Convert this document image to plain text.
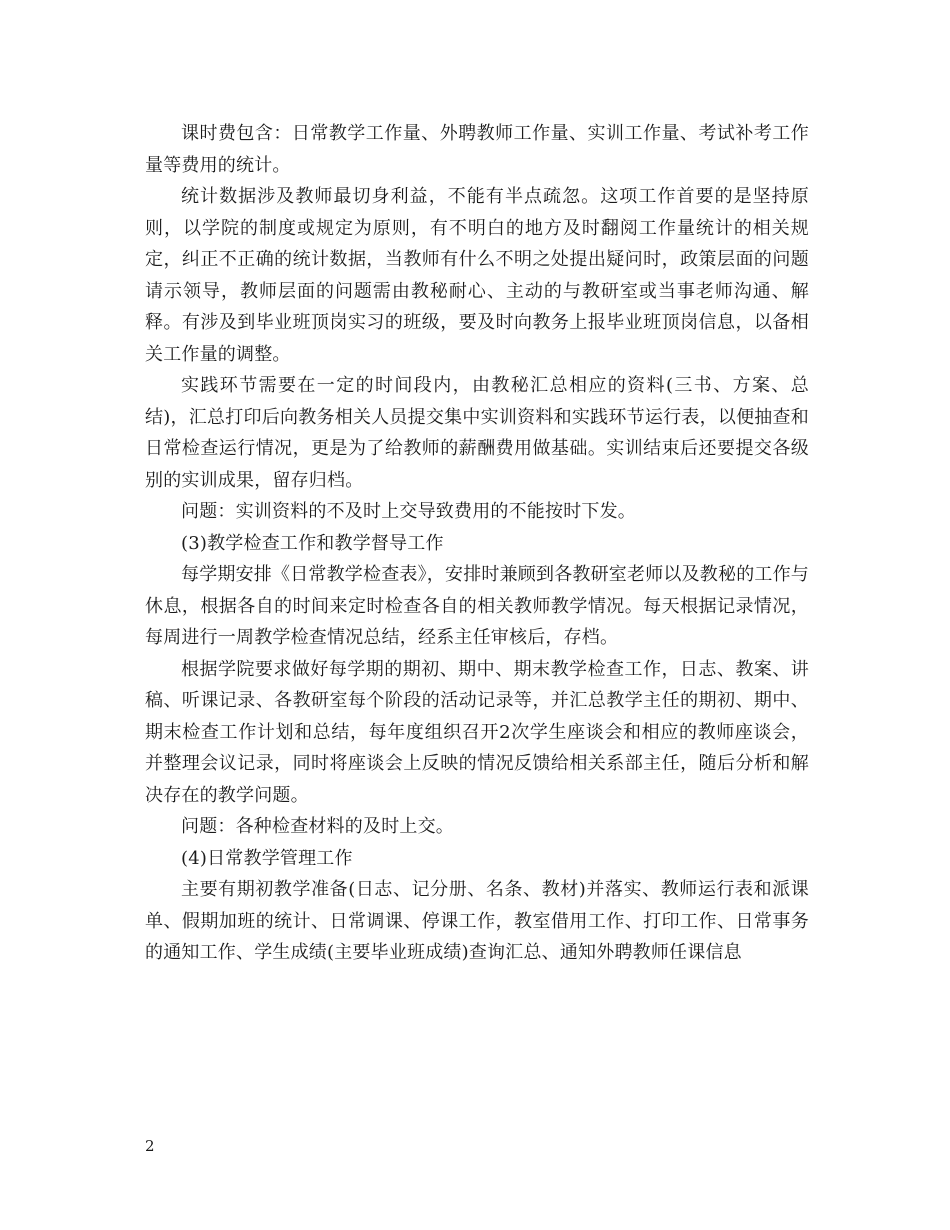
课时费包含：日常教学工作量、外聘教师工作量、实训工作量、考试补考工作量等费用的统计。

统计数据涉及教师最切身利益，不能有半点疏忽。这项工作首要的是坚持原则，以学院的制度或规定为原则，有不明白的地方及时翻阅工作量统计的相关规定，纠正不正确的统计数据，当教师有什么不明之处提出疑问时，政策层面的问题请示领导，教师层面的问题需由教秘耐心、主动的与教研室或当事老师沟通、解释。有涉及到毕业班顶岗实习的班级，要及时向教务上报毕业班顶岗信息，以备相关工作量的调整。

实践环节需要在一定的时间段内，由教秘汇总相应的资料(三书、方案、总结)，汇总打印后向教务相关人员提交集中实训资料和实践环节运行表，以便抽查和日常检查运行情况，更是为了给教师的薪酬费用做基础。实训结束后还要提交各级别的实训成果，留存归档。

问题：实训资料的不及时上交导致费用的不能按时下发。

(3)教学检查工作和教学督导工作

每学期安排《日常教学检查表》，安排时兼顾到各教研室老师以及教秘的工作与休息，根据各自的时间来定时检查各自的相关教师教学情况。每天根据记录情况，每周进行一周教学检查情况总结，经系主任审核后，存档。

根据学院要求做好每学期的期初、期中、期末教学检查工作，日志、教案、讲稿、听课记录、各教研室每个阶段的活动记录等，并汇总教学主任的期初、期中、期末检查工作计划和总结，每年度组织召开2次学生座谈会和相应的教师座谈会，并整理会议记录，同时将座谈会上反映的情况反馈给相关系部主任，随后分析和解决存在的教学问题。

问题：各种检查材料的及时上交。

(4)日常教学管理工作

主要有期初教学准备(日志、记分册、名条、教材)并落实、教师运行表和派课单、假期加班的统计、日常调课、停课工作，教室借用工作、打印工作、日常事务的通知工作、学生成绩(主要毕业班成绩)查询汇总、通知外聘教师任课信息

2
